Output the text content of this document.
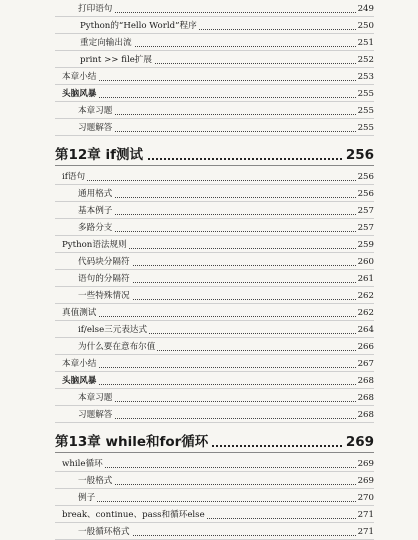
打印语句	249
Python的“Hello World”程序	250
重定向输出流	251
print >> file扩展	252
本章小结	253
头脑风暴	255
本章习题	255
习题解答	255
第12章 if测试	256
if语句	256
通用格式	256
基本例子	257
多路分支	257
Python语法规则	259
代码块分隔符	260
语句的分隔符	261
一些特殊情况	262
真值测试	262
if/else三元表达式	264
为什么要在意布尔值	266
本章小结	267
头脑风暴	268
本章习题	268
习题解答	268
第13章 while和for循环	269
while循环	269
一般格式	269
例子	270
break、continue、pass和循环else	271
一般循环格式	271
